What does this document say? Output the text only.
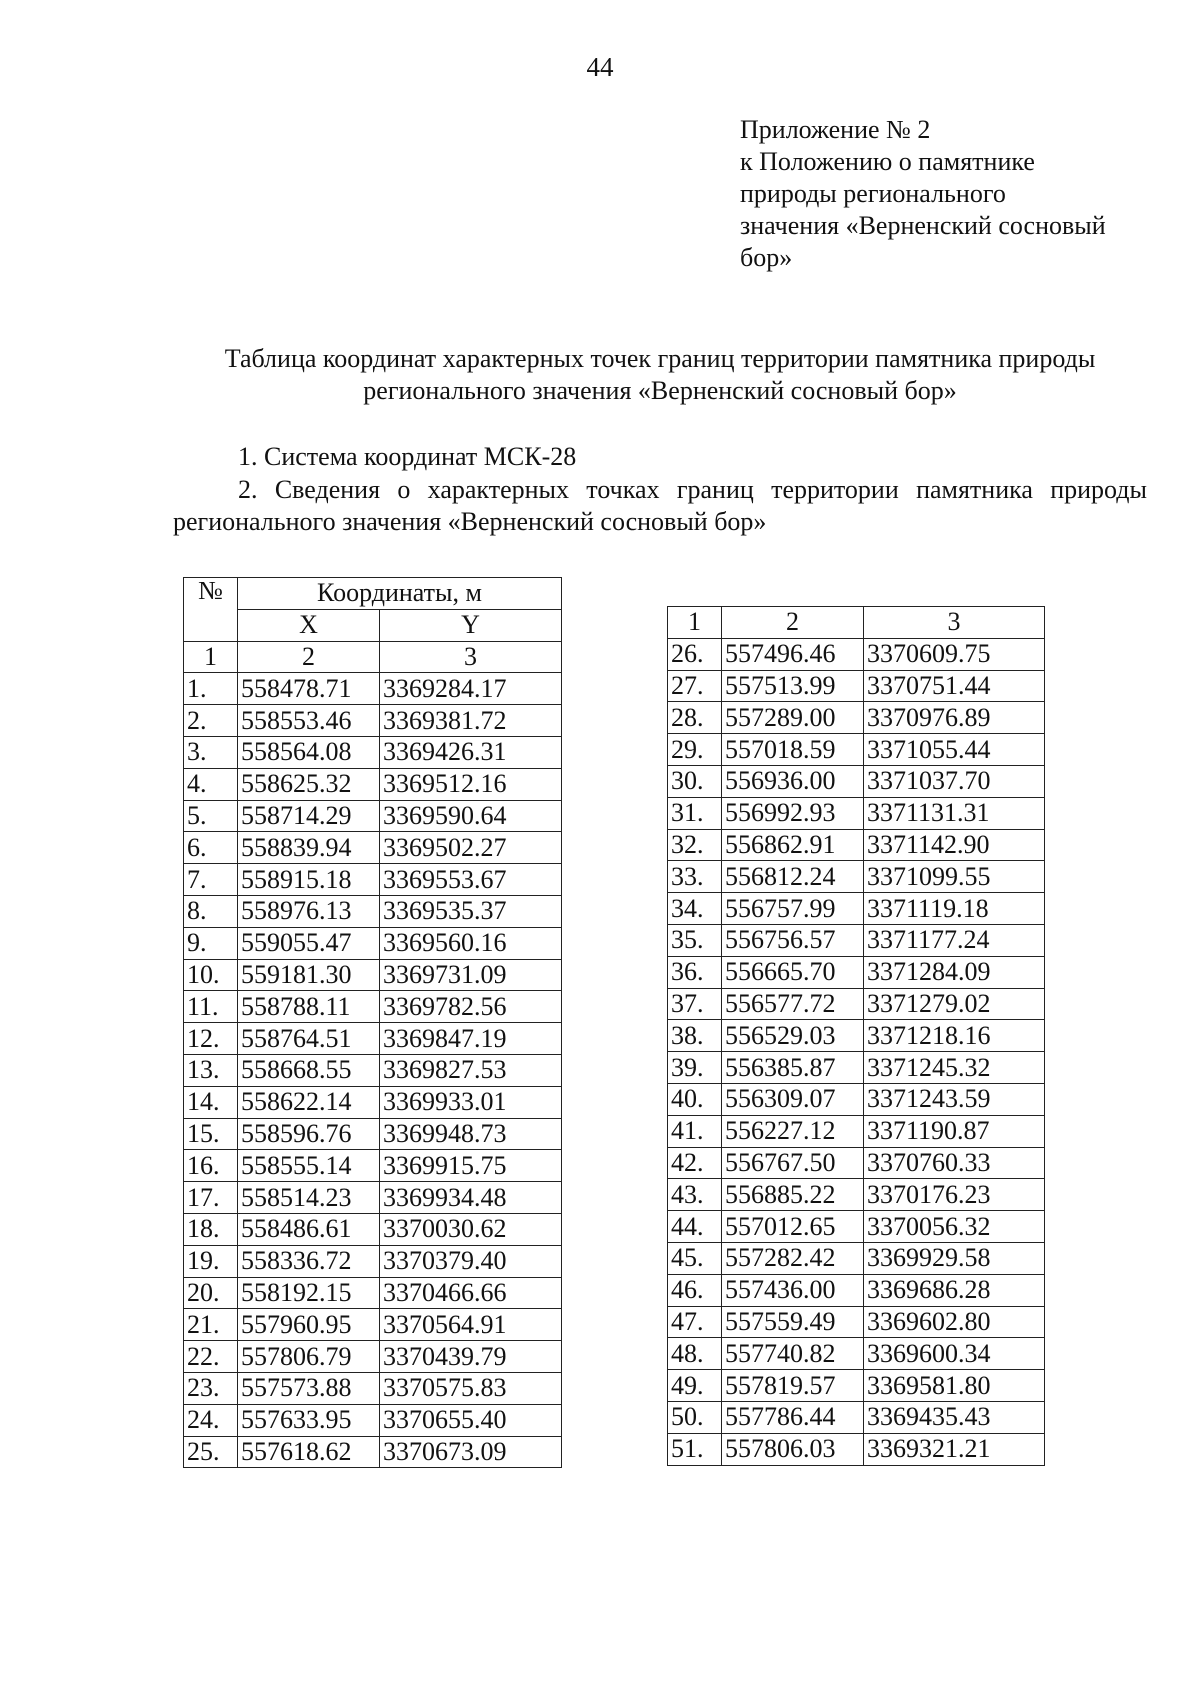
44
Приложение № 2
к Положению о памятнике
природы регионального
значения «Верненский сосновый
бор»
Таблица координат характерных точек границ территории памятника природы
регионального значения «Верненский сосновый бор»
1. Система координат МСК-28
2. Сведения о характерных точках границ территории памятника природы регионального значения «Верненский сосновый бор»
№	Координаты, м	
	X	Y
1	2	3
1.	558478.71	3369284.17
2.	558553.46	3369381.72
3.	558564.08	3369426.31
4.	558625.32	3369512.16
5.	558714.29	3369590.64
6.	558839.94	3369502.27
7.	558915.18	3369553.67
8.	558976.13	3369535.37
9.	559055.47	3369560.16
10.	559181.30	3369731.09
11.	558788.11	3369782.56
12.	558764.51	3369847.19
13.	558668.55	3369827.53
14.	558622.14	3369933.01
15.	558596.76	3369948.73
16.	558555.14	3369915.75
17.	558514.23	3369934.48
18.	558486.61	3370030.62
19.	558336.72	3370379.40
20.	558192.15	3370466.66
21.	557960.95	3370564.91
22.	557806.79	3370439.79
23.	557573.88	3370575.83
24.	557633.95	3370655.40
25.	557618.62	3370673.09
1	2	3
26.	557496.46	3370609.75
27.	557513.99	3370751.44
28.	557289.00	3370976.89
29.	557018.59	3371055.44
30.	556936.00	3371037.70
31.	556992.93	3371131.31
32.	556862.91	3371142.90
33.	556812.24	3371099.55
34.	556757.99	3371119.18
35.	556756.57	3371177.24
36.	556665.70	3371284.09
37.	556577.72	3371279.02
38.	556529.03	3371218.16
39.	556385.87	3371245.32
40.	556309.07	3371243.59
41.	556227.12	3371190.87
42.	556767.50	3370760.33
43.	556885.22	3370176.23
44.	557012.65	3370056.32
45.	557282.42	3369929.58
46.	557436.00	3369686.28
47.	557559.49	3369602.80
48.	557740.82	3369600.34
49.	557819.57	3369581.80
50.	557786.44	3369435.43
51.	557806.03	3369321.21
